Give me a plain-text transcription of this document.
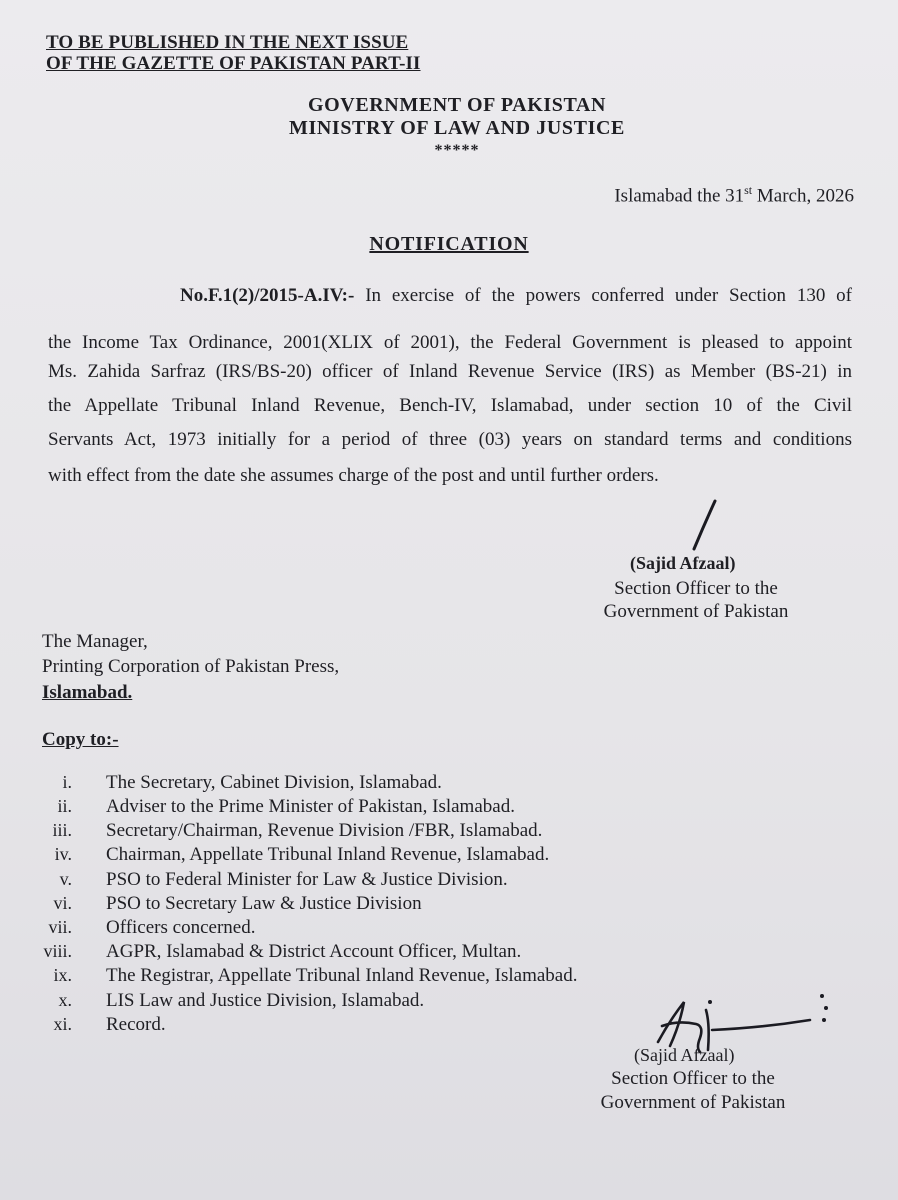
TO BE PUBLISHED IN THE NEXT ISSUE
OF THE GAZETTE OF PAKISTAN PART-II
GOVERNMENT OF PAKISTAN
MINISTRY OF LAW AND JUSTICE
*****
Islamabad the 31st March, 2026
NOTIFICATION
No.F.1(2)/2015-A.IV:- In exercise of the powers conferred under Section 130 of
the Income Tax Ordinance, 2001(XLIX of 2001), the Federal Government is pleased to appoint
Ms. Zahida Sarfraz (IRS/BS-20) officer of Inland Revenue Service (IRS) as Member (BS-21) in
the Appellate Tribunal Inland Revenue, Bench-IV, Islamabad, under section 10 of the Civil
Servants Act, 1973 initially for a period of three (03) years on standard terms and conditions
with effect from the date she assumes charge of the post and until further orders.
(Sajid Afzaal)
Section Officer to the
Government of Pakistan
The Manager,
Printing Corporation of Pakistan Press,
Islamabad.
Copy to:-
i. The Secretary, Cabinet Division, Islamabad.
ii. Adviser to the Prime Minister of Pakistan, Islamabad.
iii. Secretary/Chairman, Revenue Division /FBR, Islamabad.
iv. Chairman, Appellate Tribunal Inland Revenue, Islamabad.
v. PSO to Federal Minister for Law & Justice Division.
vi. PSO to Secretary Law & Justice Division
vii. Officers concerned.
viii. AGPR, Islamabad & District Account Officer, Multan.
ix. The Registrar, Appellate Tribunal Inland Revenue, Islamabad.
x. LIS Law and Justice Division, Islamabad.
xi. Record.
(Sajid Afzaal)
Section Officer to the
Government of Pakistan
